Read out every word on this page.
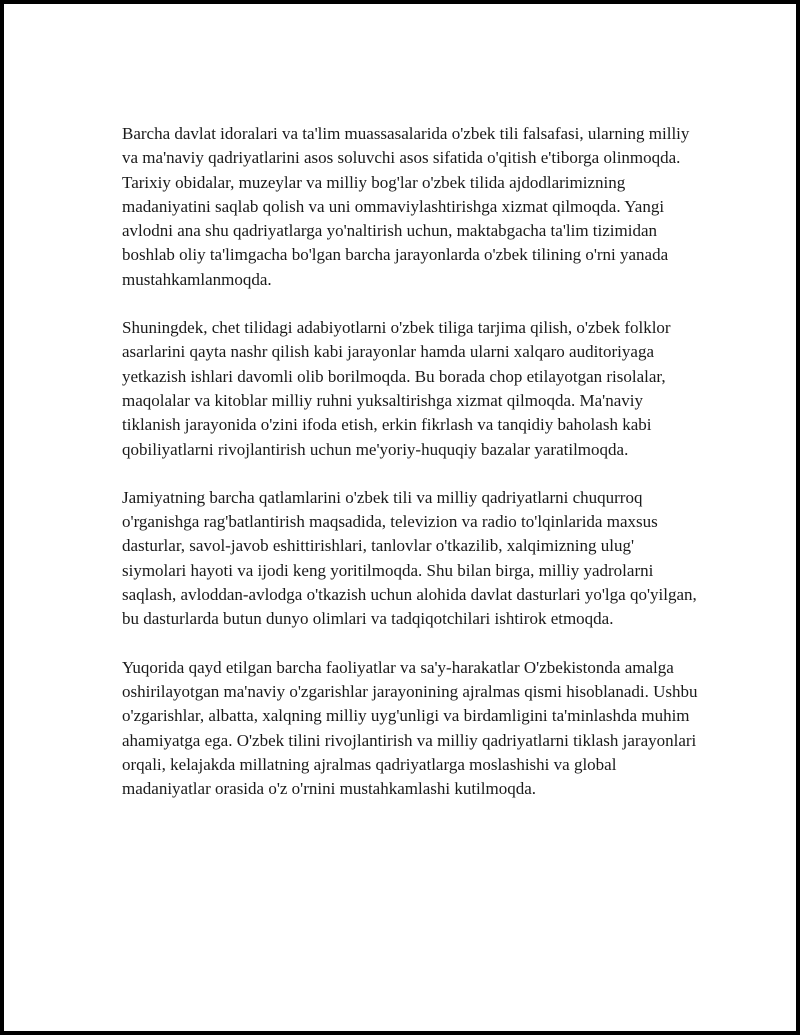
Barcha davlat idoralari va ta'lim muassasalarida o'zbek tili falsafasi, ularning milliy va ma'naviy qadriyatlarini asos soluvchi asos sifatida o'qitish e'tiborga olinmoqda. Tarixiy obidalar, muzeylar va milliy bog'lar o'zbek tilida ajdodlarimizning madaniyatini saqlab qolish va uni ommaviylashtirishga xizmat qilmoqda. Yangi avlodni ana shu qadriyatlarga yo'naltirish uchun, maktabgacha ta'lim tizimidan boshlab oliy ta'limgacha bo'lgan barcha jarayonlarda o'zbek tilining o'rni yanada mustahkamlanmoqda.

Shuningdek, chet tilidagi adabiyotlarni o'zbek tiliga tarjima qilish, o'zbek folklor asarlarini qayta nashr qilish kabi jarayonlar hamda ularni xalqaro auditoriyaga yetkazish ishlari davomli olib borilmoqda. Bu borada chop etilayotgan risolalar, maqolalar va kitoblar milliy ruhni yuksaltirishga xizmat qilmoqda. Ma'naviy tiklanish jarayonida o'zini ifoda etish, erkin fikrlash va tanqidiy baholash kabi qobiliyatlarni rivojlantirish uchun me'yoriy-huquqiy bazalar yaratilmoqda.

Jamiyatning barcha qatlamlarini o'zbek tili va milliy qadriyatlarni chuqurroq o'rganishga rag'batlantirish maqsadida, televizion va radio to'lqinlarida maxsus dasturlar, savol-javob eshittirishlari, tanlovlar o'tkazilib, xalqimizning ulug' siymolari hayoti va ijodi keng yoritilmoqda. Shu bilan birga, milliy yadrolarni saqlash, avloddan-avlodga o'tkazish uchun alohida davlat dasturlari yo'lga qo'yilgan, bu dasturlarda butun dunyo olimlari va tadqiqotchilari ishtirok etmoqda.

Yuqorida qayd etilgan barcha faoliyatlar va sa'y-harakatlar O'zbekistonda amalga oshirilayotgan ma'naviy o'zgarishlar jarayonining ajralmas qismi hisoblanadi. Ushbu o'zgarishlar, albatta, xalqning milliy uyg'unligi va birdamligini ta'minlashda muhim ahamiyatga ega. O'zbek tilini rivojlantirish va milliy qadriyatlarni tiklash jarayonlari orqali, kelajakda millatning ajralmas qadriyatlarga moslashishi va global madaniyatlar orasida o'z o'rnini mustahkamlashi kutilmoqda.
